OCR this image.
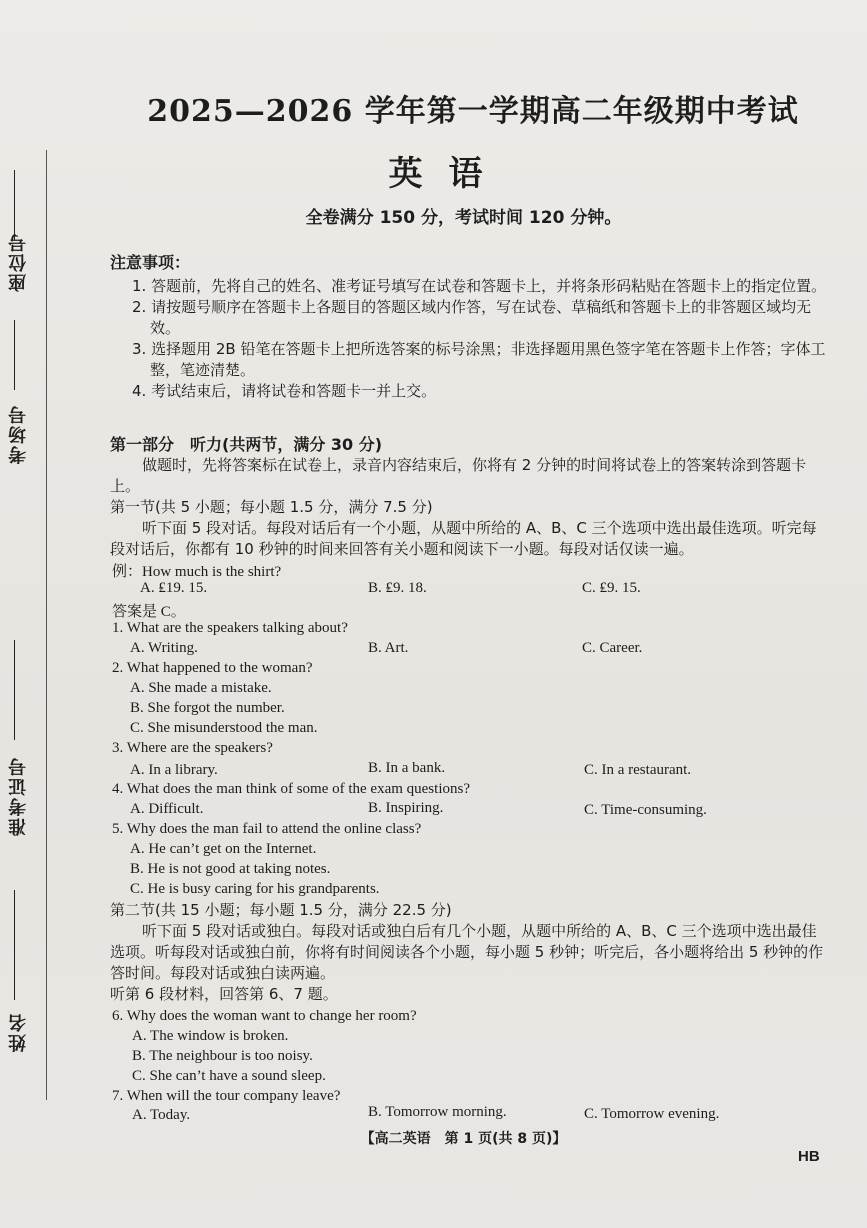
座位号
考场号
准考证号
姓名
2025—2026 学年第一学期高二年级期中考试
英语
全卷满分 150 分，考试时间 120 分钟。
注意事项：

1. 答题前，先将自己的姓名、准考证号填写在试卷和答题卡上，并将条形码粘贴在答题卡上的指定位置。

2. 请按题号顺序在答题卡上各题目的答题区域内作答，写在试卷、草稿纸和答题卡上的非答题区域均无效。

3. 选择题用 2B 铅笔在答题卡上把所选答案的标号涂黑；非选择题用黑色签字笔在答题卡上作答；字体工整，笔迹清楚。

4. 考试结束后，请将试卷和答题卡一并上交。

第一部分　听力(共两节，满分 30 分)

做题时，先将答案标在试卷上，录音内容结束后，你将有 2 分钟的时间将试卷上的答案转涂到答题卡上。

第一节(共 5 小题；每小题 1.5 分，满分 7.5 分)

听下面 5 段对话。每段对话后有一个小题，从题中所给的 A、B、C 三个选项中选出最佳选项。听完每段对话后，你都有 10 秒钟的时间来回答有关小题和阅读下一小题。每段对话仅读一遍。

例：How much is the shirt?
A. ₤19. 15.	B. ₤9. 18.	C. ₤9. 15.
答案是 C。
1. What are the speakers talking about?
A. Writing.	B. Art.	C. Career.
2. What happened to the woman?
A. She made a mistake.
B. She forgot the number.
C. She misunderstood the man.
3. Where are the speakers?
A. In a library.	B. In a bank.	C. In a restaurant.
4. What does the man think of some of the exam questions?
A. Difficult.	B. Inspiring.	C. Time-consuming.
5. Why does the man fail to attend the online class?
A. He can’t get on the Internet.
B. He is not good at taking notes.
C. He is busy caring for his grandparents.

第二节(共 15 小题；每小题 1.5 分，满分 22.5 分)

听下面 5 段对话或独白。每段对话或独白后有几个小题，从题中所给的 A、B、C 三个选项中选出最佳选项。听每段对话或独白前，你将有时间阅读各个小题，每小题 5 秒钟；听完后，各小题将给出 5 秒钟的作答时间。每段对话或独白读两遍。

听第 6 段材料，回答第 6、7 题。

6. Why does the woman want to change her room?
A. The window is broken.
B. The neighbour is too noisy.
C. She can’t have a sound sleep.
7. When will the tour company leave?
A. Today.	B. Tomorrow morning.	C. Tomorrow evening.
【高二英语　第 1 页(共 8 页)】
HB
